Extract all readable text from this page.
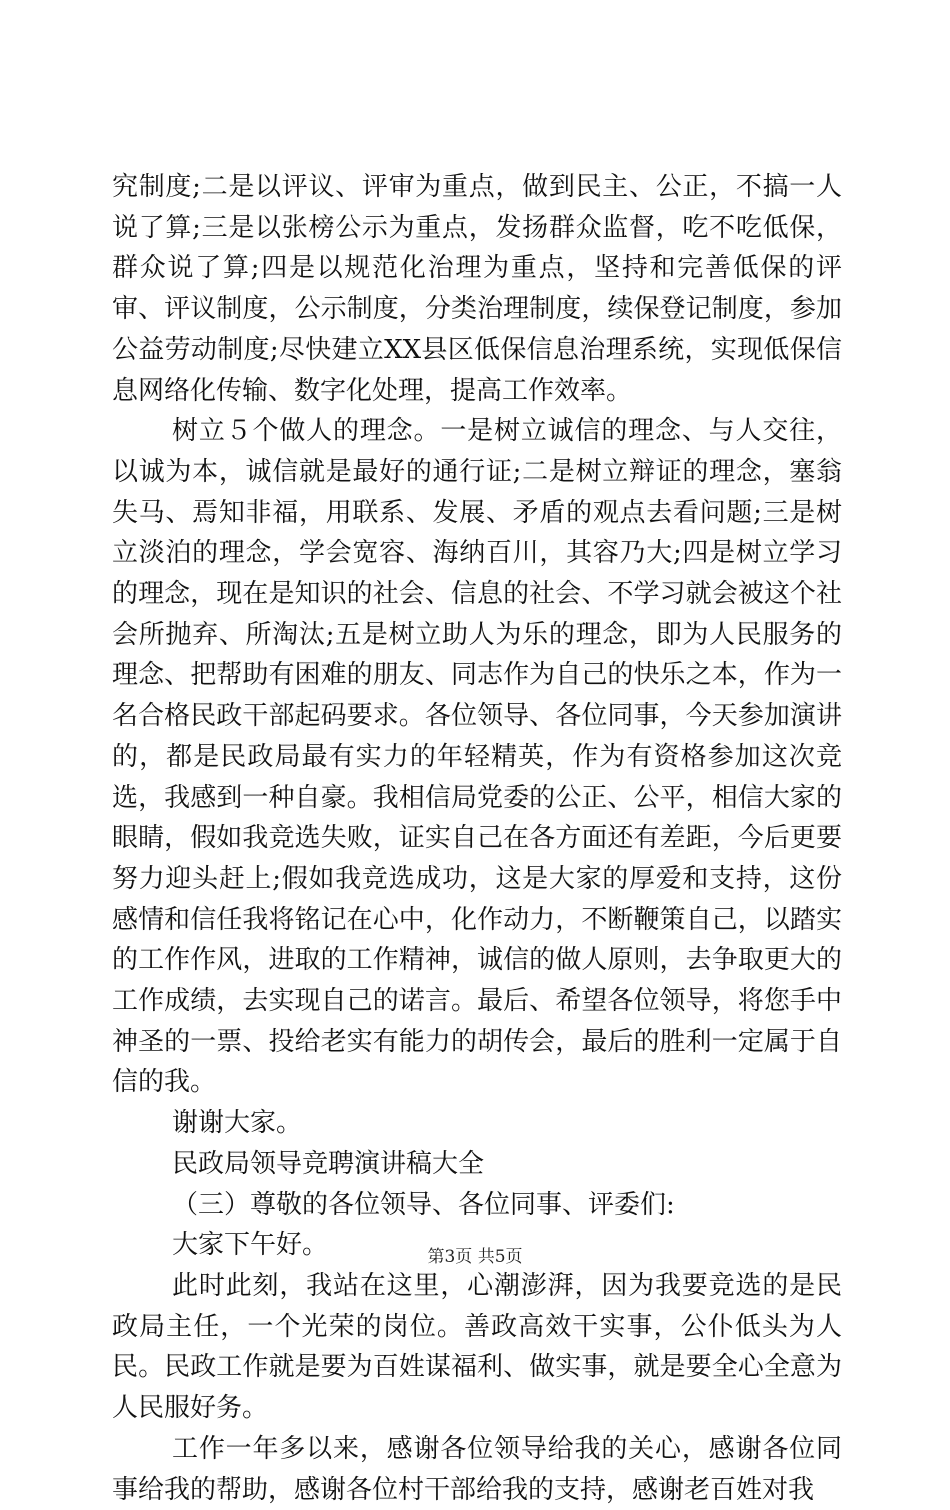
究制度;二是以评议、评审为重点，做到民主、公正，不搞一人说了算;三是以张榜公示为重点，发扬群众监督，吃不吃低保，群众说了算;四是以规范化治理为重点，坚持和完善低保的评审、评议制度，公示制度，分类治理制度，续保登记制度，参加公益劳动制度;尽快建立XX县区低保信息治理系统，实现低保信息网络化传输、数字化处理，提高工作效率。

树立５个做人的理念。一是树立诚信的理念、与人交往，以诚为本，诚信就是最好的通行证;二是树立辩证的理念，塞翁失马、焉知非福，用联系、发展、矛盾的观点去看问题;三是树立淡泊的理念，学会宽容、海纳百川，其容乃大;四是树立学习的理念，现在是知识的社会、信息的社会、不学习就会被这个社会所抛弃、所淘汰;五是树立助人为乐的理念，即为人民服务的理念、把帮助有困难的朋友、同志作为自己的快乐之本，作为一名合格民政干部起码要求。各位领导、各位同事，今天参加演讲的，都是民政局最有实力的年轻精英，作为有资格参加这次竞选，我感到一种自豪。我相信局党委的公正、公平，相信大家的眼睛，假如我竞选失败，证实自己在各方面还有差距，今后更要努力迎头赶上;假如我竞选成功，这是大家的厚爱和支持，这份感情和信任我将铭记在心中，化作动力，不断鞭策自己，以踏实的工作作风，进取的工作精神，诚信的做人原则，去争取更大的工作成绩，去实现自己的诺言。最后、希望各位领导，将您手中神圣的一票、投给老实有能力的胡传会，最后的胜利一定属于自信的我。

谢谢大家。

民政局领导竞聘演讲稿大全

（三）尊敬的各位领导、各位同事、评委们:

大家下午好。

此时此刻，我站在这里，心潮澎湃，因为我要竞选的是民政局主任，一个光荣的岗位。善政高效干实事，公仆低头为人民。民政工作就是要为百姓谋福利、做实事，就是要全心全意为人民服好务。

工作一年多以来，感谢各位领导给我的关心，感谢各位同事给我的帮助，感谢各位村干部给我的支持，感谢老百姓对我

第3页 共5页
